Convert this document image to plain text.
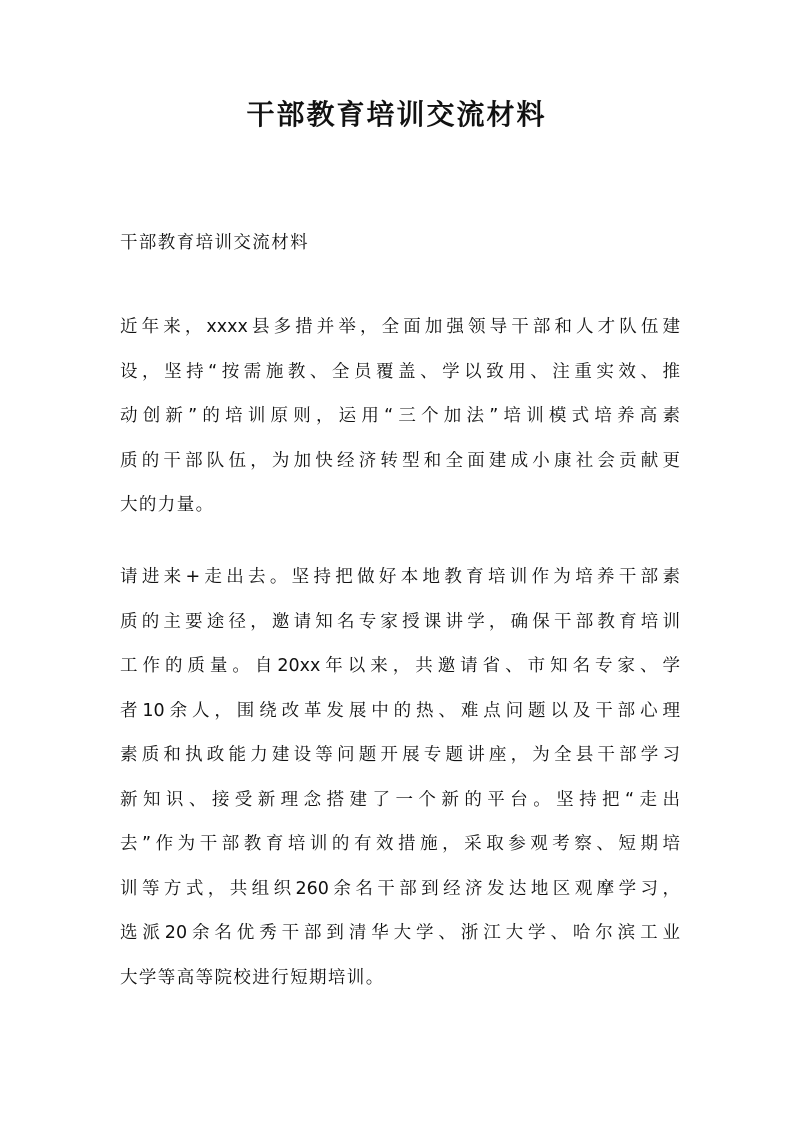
干部教育培训交流材料
干部教育培训交流材料
近年来，xxxx县多措并举，全面加强领导干部和人才队伍建
设，坚持“按需施教、全员覆盖、学以致用、注重实效、推
动创新”的培训原则，运用“三个加法”培训模式培养高素
质的干部队伍，为加快经济转型和全面建成小康社会贡献更
大的力量。
请进来+走出去。坚持把做好本地教育培训作为培养干部素
质的主要途径，邀请知名专家授课讲学，确保干部教育培训
工作的质量。自20xx年以来，共邀请省、市知名专家、学
者10余人，围绕改革发展中的热、难点问题以及干部心理
素质和执政能力建设等问题开展专题讲座，为全县干部学习
新知识、接受新理念搭建了一个新的平台。坚持把“走出
去”作为干部教育培训的有效措施，采取参观考察、短期培
训等方式，共组织260余名干部到经济发达地区观摩学习，
选派20余名优秀干部到清华大学、浙江大学、哈尔滨工业
大学等高等院校进行短期培训。
